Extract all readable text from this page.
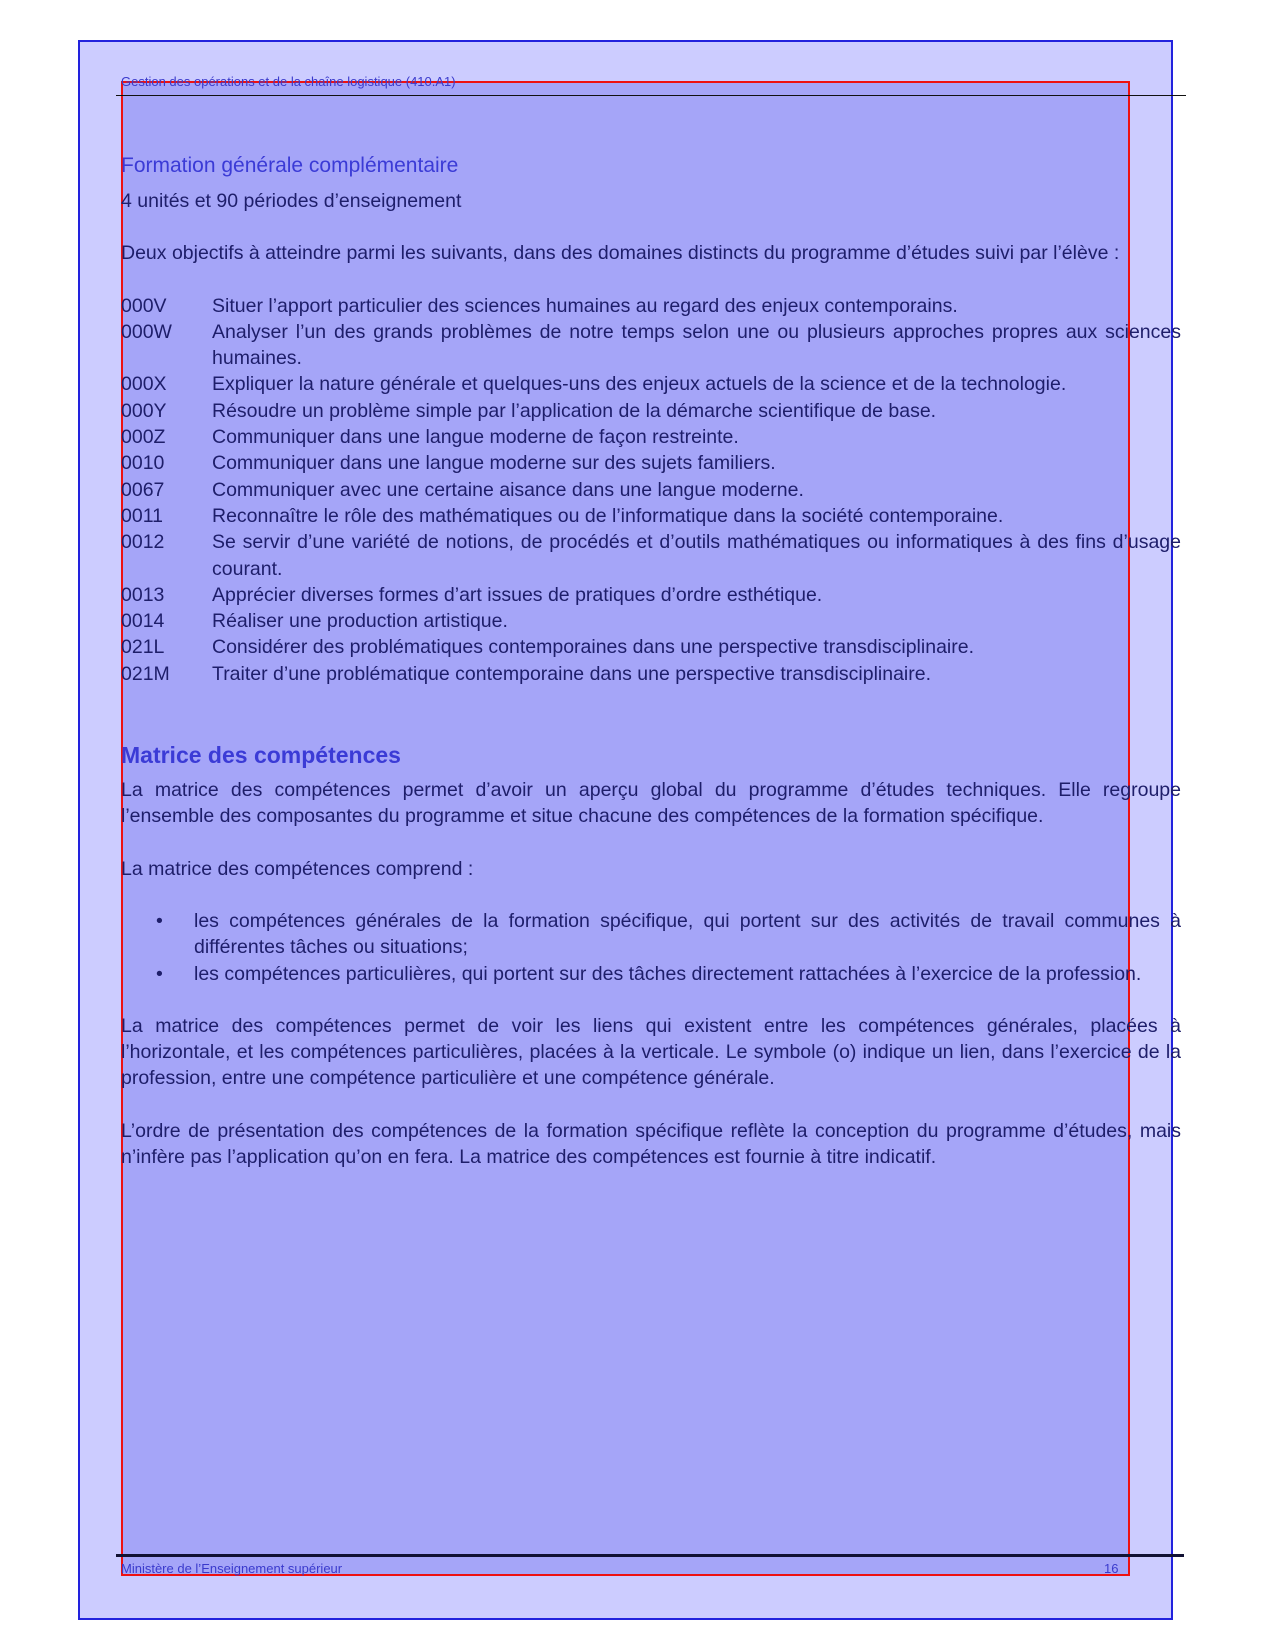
Gestion des opérations et de la chaîne logistique (410.A1)
Formation générale complémentaire

4 unités et 90 périodes d’enseignement

Deux objectifs à atteindre parmi les suivants, dans des domaines distincts du programme d’études suivi par l’élève :

000V	Situer l’apport particulier des sciences humaines au regard des enjeux contemporains.
000W	Analyser l’un des grands problèmes de notre temps selon une ou plusieurs approches propres aux sciences humaines.
000X	Expliquer la nature générale et quelques-uns des enjeux actuels de la science et de la technologie.
000Y	Résoudre un problème simple par l’application de la démarche scientifique de base.
000Z	Communiquer dans une langue moderne de façon restreinte.
0010	Communiquer dans une langue moderne sur des sujets familiers.
0067	Communiquer avec une certaine aisance dans une langue moderne.
0011	Reconnaître le rôle des mathématiques ou de l’informatique dans la société contemporaine.
0012	Se servir d’une variété de notions, de procédés et d’outils mathématiques ou informatiques à des fins d’usage courant.
0013	Apprécier diverses formes d’art issues de pratiques d’ordre esthétique.
0014	Réaliser une production artistique.
021L	Considérer des problématiques contemporaines dans une perspective transdisciplinaire.
021M	Traiter d’une problématique contemporaine dans une perspective transdisciplinaire.
Matrice des compétences

La matrice des compétences permet d’avoir un aperçu global du programme d’études techniques. Elle regroupe l’ensemble des composantes du programme et situe chacune des compétences de la formation spécifique.

La matrice des compétences comprend :

•	les compétences générales de la formation spécifique, qui portent sur des activités de travail communes à différentes tâches ou situations;
•	les compétences particulières, qui portent sur des tâches directement rattachées à l’exercice de la profession.

La matrice des compétences permet de voir les liens qui existent entre les compétences générales, placées à l’horizontale, et les compétences particulières, placées à la verticale. Le symbole (o) indique un lien, dans l’exercice de la profession, entre une compétence particulière et une compétence générale.

L’ordre de présentation des compétences de la formation spécifique reflète la conception du programme d’études, mais n’infère pas l’application qu’on en fera. La matrice des compétences est fournie à titre indicatif.

Ministère de l’Enseignement supérieur	16
